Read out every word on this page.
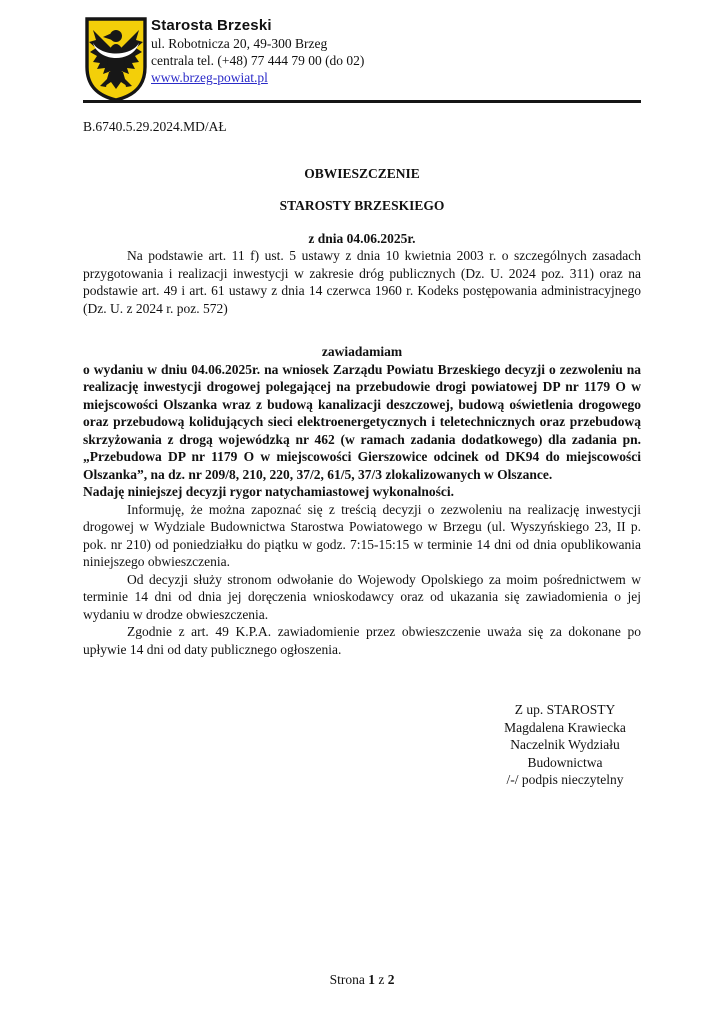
Starosta Brzeski
ul. Robotnicza 20, 49-300 Brzeg
centrala tel. (+48) 77 444 79 00 (do 02)
www.brzeg-powiat.pl
B.6740.5.29.2024.MD/AŁ

OBWIESZCZENIE

STAROSTY BRZESKIEGO

z dnia 04.06.2025r.

Na podstawie art. 11 f) ust. 5 ustawy z dnia 10 kwietnia 2003 r. o szczególnych zasadach przygotowania i realizacji inwestycji w zakresie dróg publicznych (Dz. U. 2024 poz. 311) oraz na podstawie art. 49 i art. 61 ustawy z dnia 14 czerwca 1960 r. Kodeks postępowania administracyjnego (Dz. U. z 2024 r. poz. 572)

zawiadamiam

o wydaniu w dniu 04.06.2025r. na wniosek Zarządu Powiatu Brzeskiego decyzji o zezwoleniu na realizację inwestycji drogowej polegającej na przebudowie drogi powiatowej DP nr 1179 O w miejscowości Olszanka wraz z budową kanalizacji deszczowej, budową oświetlenia drogowego oraz przebudową kolidujących sieci elektroenergetycznych i teletechnicznych oraz przebudową skrzyżowania z drogą wojewódzką nr 462 (w ramach zadania dodatkowego) dla zadania pn. „Przebudowa DP nr 1179 O w miejscowości Gierszowice odcinek od DK94 do miejscowości Olszanka”, na dz. nr 209/8, 210, 220, 37/2, 61/5, 37/3 zlokalizowanych w Olszance.

Nadaję niniejszej decyzji rygor natychamiastowej wykonalności.

Informuję, że można zapoznać się z treścią decyzji o zezwoleniu na realizację inwestycji drogowej w Wydziale Budownictwa Starostwa Powiatowego w Brzegu (ul. Wyszyńskiego 23, II p. pok. nr 210) od poniedziałku do piątku w godz. 7:15-15:15 w terminie 14 dni od dnia opublikowania niniejszego obwieszczenia.

Od decyzji służy stronom odwołanie do Wojewody Opolskiego za moim pośrednictwem w terminie 14 dni od dnia jej doręczenia wnioskodawcy oraz od ukazania się zawiadomienia o jej wydaniu w drodze obwieszczenia.

Zgodnie z art. 49 K.P.A. zawiadomienie przez obwieszczenie uważa się za dokonane po upływie 14 dni od daty publicznego ogłoszenia.

Z up. STAROSTY
Magdalena Krawiecka
Naczelnik Wydziału
Budownictwa
/-/ podpis nieczytelny
Strona 1 z 2
